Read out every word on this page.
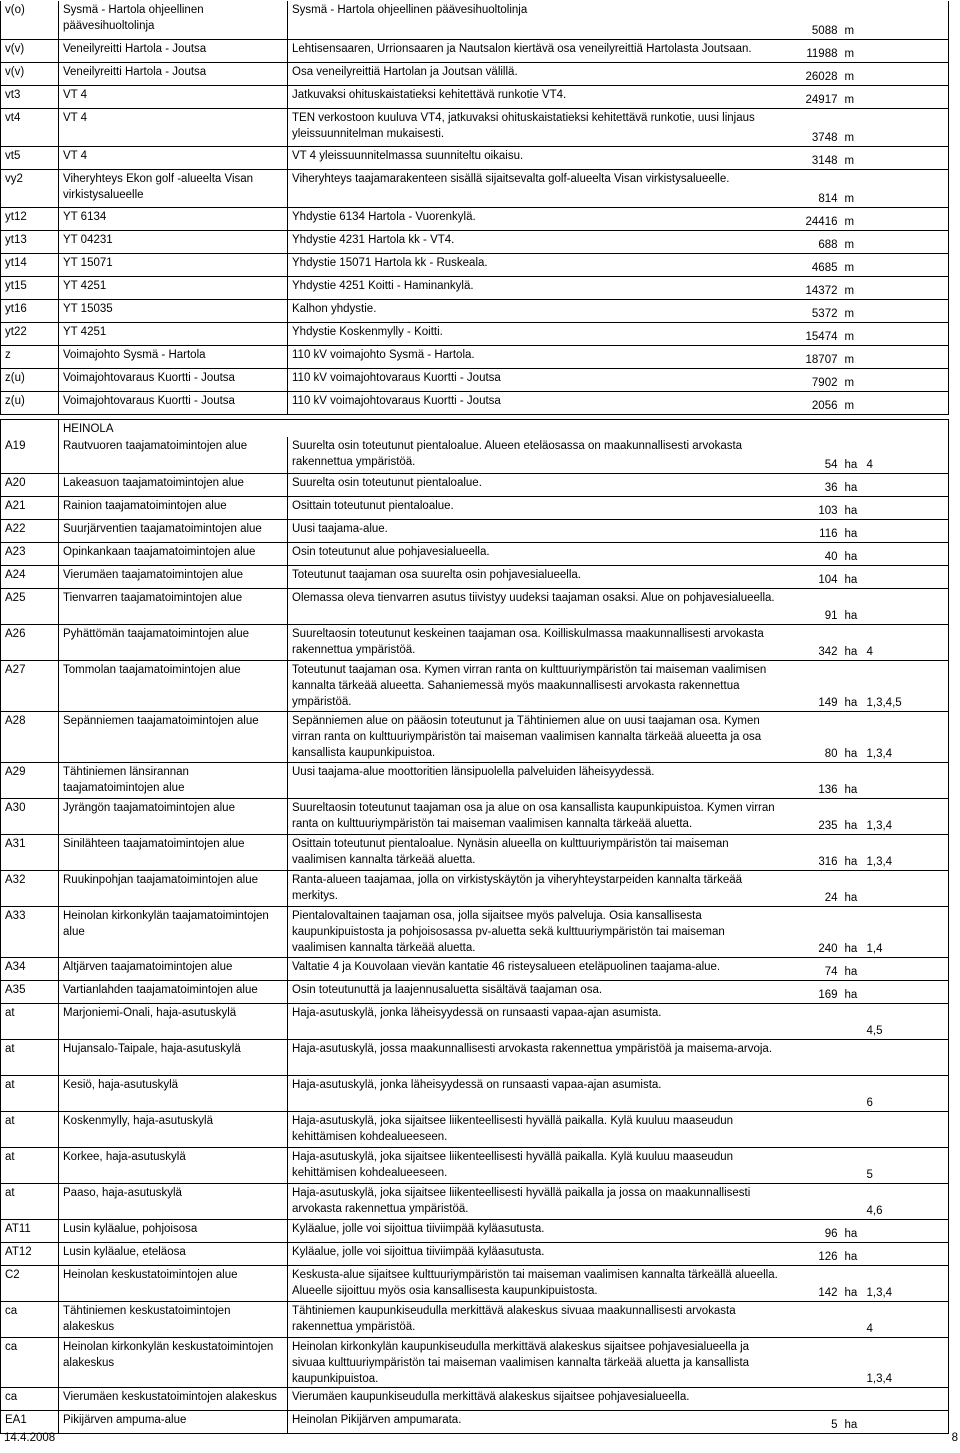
v(o)	Sysmä - Hartola ohjeellinen päävesihuoltolinja	Sysmä - Hartola ohjeellinen päävesihuoltolinja	5088	m	
v(v)	Veneilyreitti Hartola - Joutsa	Lehtisensaaren, Urrionsaaren ja Nautsalon kiertävä osa veneilyreittiä Hartolasta Joutsaan.	11988	m	
v(v)	Veneilyreitti Hartola - Joutsa	Osa veneilyreittiä Hartolan ja Joutsan välillä.	26028	m	
vt3	VT 4	Jatkuvaksi ohituskaistatieksi kehitettävä runkotie VT4.	24917	m	
vt4	VT 4	TEN verkostoon kuuluva VT4, jatkuvaksi ohituskaistatieksi kehitettävä runkotie, uusi linjaus yleissuunnitelman mukaisesti.	3748	m	
vt5	VT 4	VT 4 yleissuunnitelmassa suunniteltu oikaisu.	3148	m	
vy2	Viheryhteys Ekon golf -alueelta Visan virkistysalueelle	Viheryhteys taajamarakenteen sisällä sijaitsevalta golf-alueelta Visan virkistysalueelle.	814	m	
yt12	YT 6134	Yhdystie 6134 Hartola - Vuorenkylä.	24416	m	
yt13	YT 04231	Yhdystie 4231 Hartola kk - VT4.	688	m	
yt14	YT 15071	Yhdystie 15071 Hartola kk - Ruskeala.	4685	m	
yt15	YT 4251	Yhdystie 4251 Koitti - Haminankylä.	14372	m	
yt16	YT 15035	Kalhon yhdystie.	5372	m	
yt22	YT 4251	Yhdystie Koskenmylly - Koitti.	15474	m	
z	Voimajohto Sysmä - Hartola	110 kV voimajohto Sysmä - Hartola.	18707	m	
z(u)	Voimajohtovaraus Kuortti - Joutsa	110 kV voimajohtovaraus Kuortti - Joutsa	7902	m	
z(u)	Voimajohtovaraus Kuortti - Joutsa	110 kV voimajohtovaraus Kuortti - Joutsa	2056	m	
	HEINOLA				
A19	Rautvuoren taajamatoimintojen alue	Suurelta osin toteutunut pientaloalue. Alueen eteläosassa on maakunnallisesti arvokasta rakennettua ympäristöä.	54	ha	4
A20	Lakeasuon taajamatoimintojen alue	Suurelta osin toteutunut pientaloalue.	36	ha	
A21	Rainion taajamatoimintojen alue	Osittain toteutunut pientaloalue.	103	ha	
A22	Suurjärventien taajamatoimintojen alue	Uusi taajama-alue.	116	ha	
A23	Opinkankaan taajamatoimintojen alue	Osin toteutunut alue pohjavesialueella.	40	ha	
A24	Vierumäen taajamatoimintojen alue	Toteutunut taajaman osa suurelta osin pohjavesialueella.	104	ha	
A25	Tienvarren taajamatoimintojen alue	Olemassa oleva tienvarren asutus tiivistyy uudeksi taajaman osaksi. Alue on pohjavesialueella.	91	ha	
A26	Pyhättömän taajamatoimintojen alue	Suureltaosin toteutunut keskeinen taajaman osa. Koilliskulmassa maakunnallisesti arvokasta rakennettua ympäristöä.	342	ha	4
A27	Tommolan taajamatoimintojen alue	Toteutunut taajaman osa. Kymen virran ranta on kulttuuriympäristön tai maiseman vaalimisen kannalta tärkeää alueetta. Sahaniemessä myös maakunnallisesti arvokasta rakennettua ympäristöä.	149	ha	1,3,4,5
A28	Sepänniemen taajamatoimintojen alue	Sepänniemen alue on pääosin toteutunut ja Tähtiniemen alue on uusi taajaman osa. Kymen virran ranta on kulttuuriympäristön tai maiseman vaalimisen kannalta tärkeää alueetta ja osa kansallista kaupunkipuistoa.	80	ha	1,3,4
A29	Tähtiniemen länsirannan taajamatoimintojen alue	Uusi taajama-alue moottoritien länsipuolella palveluiden läheisyydessä.	136	ha	
A30	Jyrängön taajamatoimintojen alue	Suureltaosin toteutunut taajaman osa ja alue on osa kansallista kaupunkipuistoa. Kymen virran ranta on kulttuuriympäristön tai maiseman vaalimisen kannalta tärkeää aluetta.	235	ha	1,3,4
A31	Sinilähteen taajamatoimintojen alue	Osittain toteutunut pientaloalue. Nynäsin alueella on kulttuuriympäristön tai maiseman vaalimisen kannalta tärkeää aluetta.	316	ha	1,3,4
A32	Ruukinpohjan taajamatoimintojen alue	Ranta-alueen taajamaa, jolla on virkistyskäytön ja viheryhteystarpeiden kannalta tärkeää merkitys.	24	ha	
A33	Heinolan kirkonkylän taajamatoimintojen alue	Pientalovaltainen taajaman osa, jolla sijaitsee myös palveluja. Osia kansallisesta kaupunkipuistosta ja pohjoisosassa pv-aluetta sekä kulttuuriympäristön tai maiseman vaalimisen kannalta tärkeää aluetta.	240	ha	1,4
A34	Altjärven taajamatoimintojen alue	Valtatie 4 ja Kouvolaan vievän kantatie 46 risteysalueen eteläpuolinen taajama-alue.	74	ha	
A35	Vartianlahden taajamatoimintojen alue	Osin toteutunuttä ja laajennusaluetta sisältävä taajaman osa.	169	ha	
at	Marjoniemi-Onali, haja-asutuskylä	Haja-asutuskylä, jonka läheisyydessä on runsaasti vapaa-ajan asumista.			4,5
at	Hujansalo-Taipale, haja-asutuskylä	Haja-asutuskylä, jossa maakunnallisesti arvokasta rakennettua ympäristöä ja maisema-arvoja.			
at	Kesiö, haja-asutuskylä	Haja-asutuskylä, jonka läheisyydessä on runsaasti vapaa-ajan asumista.			6
at	Koskenmylly, haja-asutuskylä	Haja-asutuskylä, joka sijaitsee liikenteellisesti hyvällä paikalla. Kylä kuuluu maaseudun kehittämisen kohdealueeseen.			
at	Korkee, haja-asutuskylä	Haja-asutuskylä, joka sijaitsee liikenteellisesti hyvällä paikalla. Kylä kuuluu maaseudun kehittämisen kohdealueeseen.			5
at	Paaso, haja-asutuskylä	Haja-asutuskylä, joka sijaitsee liikenteellisesti hyvällä paikalla ja jossa on maakunnallisesti arvokasta rakennettua ympäristöä.			4,6
AT11	Lusin kyläalue, pohjoisosa	Kyläalue, jolle voi sijoittua tiiviimpää kyläasutusta.	96	ha	
AT12	Lusin kyläalue, eteläosa	Kyläalue, jolle voi sijoittua tiiviimpää kyläasutusta.	126	ha	
C2	Heinolan keskustatoimintojen alue	Keskusta-alue sijaitsee kulttuuriympäristön tai maiseman vaalimisen kannalta tärkeällä alueella. Alueelle sijoittuu myös osia kansallisesta kaupunkipuistosta.	142	ha	1,3,4
ca	Tähtiniemen keskustatoimintojen alakeskus	Tähtiniemen kaupunkiseudulla merkittävä alakeskus sivuaa maakunnallisesti arvokasta rakennettua ympäristöä.			4
ca	Heinolan kirkonkylän keskustatoimintojen alakeskus	Heinolan kirkonkylän kaupunkiseudulla merkittävä alakeskus sijaitsee pohjavesialueella ja sivuaa kulttuuriympäristön tai maiseman vaalimisen kannalta tärkeää aluetta ja kansallista kaupunkipuistoa.			1,3,4
ca	Vierumäen keskustatoimintojen alakeskus	Vierumäen kaupunkiseudulla merkittävä alakeskus sijaitsee pohjavesialueella.			
EA1	Pikijärven ampuma-alue	Heinolan Pikijärven ampumarata.	5	ha	
14.4.2008	8
